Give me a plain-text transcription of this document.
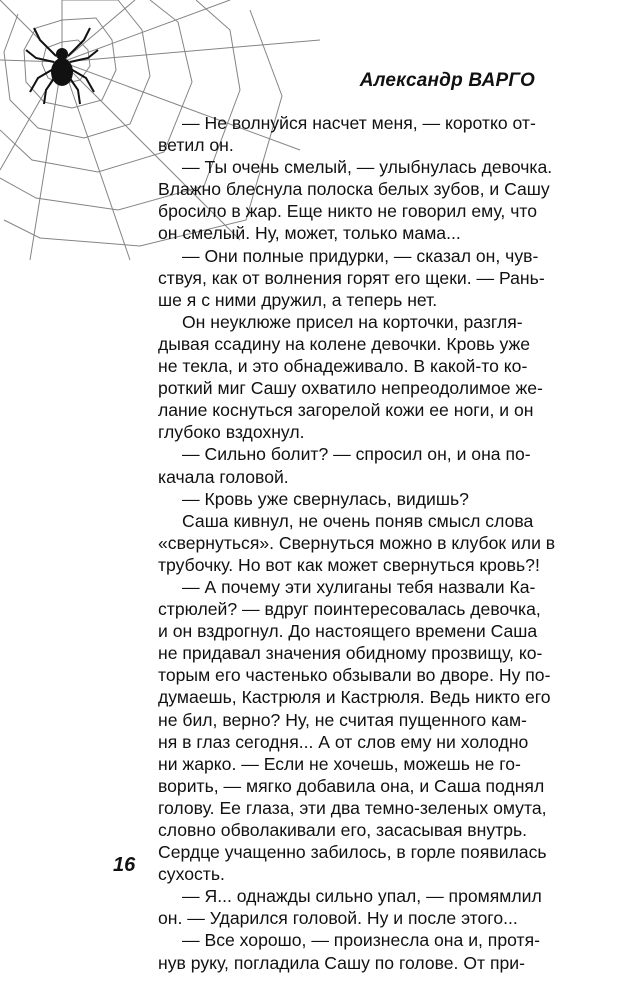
Александр ВАРГО
— Не волнуйся насчет меня, — коротко от-
ветил он.
— Ты очень смелый, — улыбнулась девочка.
Влажно блеснула полоска белых зубов, и Сашу
бросило в жар. Еще никто не говорил ему, что
он смелый. Ну, может, только мама...
— Они полные придурки, — сказал он, чув-
ствуя, как от волнения горят его щеки. — Рань-
ше я с ними дружил, а теперь нет.
Он неуклюже присел на корточки, разгля-
дывая ссадину на колене девочки. Кровь уже
не текла, и это обнадеживало. В какой-то ко-
роткий миг Сашу охватило непреодолимое же-
лание коснуться загорелой кожи ее ноги, и он
глубоко вздохнул.
— Сильно болит? — спросил он, и она по-
качала головой.
— Кровь уже свернулась, видишь?
Саша кивнул, не очень поняв смысл слова
«свернуться». Свернуться можно в клубок или в
трубочку. Но вот как может свернуться кровь?!
— А почему эти хулиганы тебя назвали Ка-
стрюлей? — вдруг поинтересовалась девочка,
и он вздрогнул. До настоящего времени Саша
не придавал значения обидному прозвищу, ко-
торым его частенько обзывали во дворе. Ну по-
думаешь, Кастрюля и Кастрюля. Ведь никто его
не бил, верно? Ну, не считая пущенного кам-
ня в глаз сегодня... А от слов ему ни холодно
ни жарко. — Если не хочешь, можешь не го-
ворить, — мягко добавила она, и Саша поднял
голову. Ее глаза, эти два темно-зеленых омута,
словно обволакивали его, засасывая внутрь.
Сердце учащенно забилось, в горле появилась
сухость.
— Я... однажды сильно упал, — промямлил
он. — Ударился головой. Ну и после этого...
— Все хорошо, — произнесла она и, протя-
нув руку, погладила Сашу по голове. От при-
16
